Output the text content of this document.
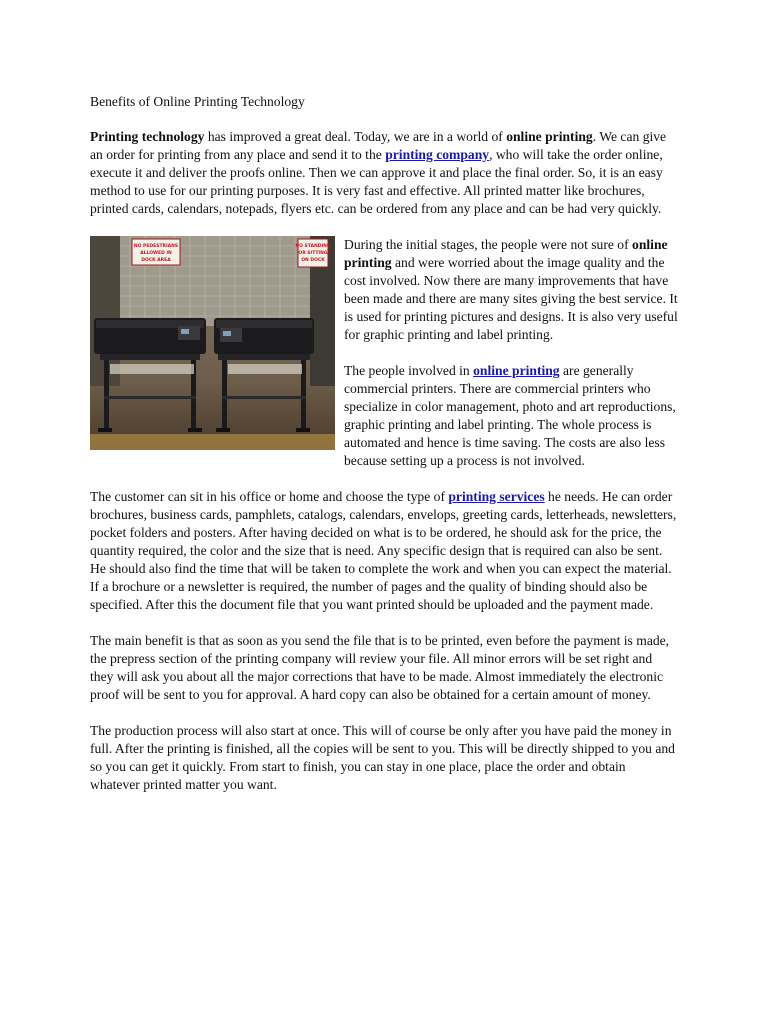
Benefits of Online Printing Technology

Printing technology has improved a great deal. Today, we are in a world of online printing. We can give an order for printing from any place and send it to the printing company, who will take the order online, execute it and deliver the proofs online. Then we can approve it and place the final order. So, it is an easy method to use for our printing purposes. It is very fast and effective. All printed matter like brochures, printed cards, calendars, notepads, flyers etc. can be ordered from any place and can be had very quickly.

NO PEDESTRIANS
ALLOWED IN
DOCK AREA
NO STANDING
OR SITTING
ON DOCK

During the initial stages, the people were not sure of online printing and were worried about the image quality and the cost involved. Now there are many improvements that have been made and there are many sites giving the best service. It is used for printing pictures and designs. It is also very useful for graphic printing and label printing.

The people involved in online printing are generally commercial printers. There are commercial printers who specialize in color management, photo and art reproductions, graphic printing and label printing. The whole process is automated and hence is time saving. The costs are also less because setting up a process is not involved.

The customer can sit in his office or home and choose the type of printing services he needs. He can order brochures, business cards, pamphlets, catalogs, calendars, envelops, greeting cards, letterheads, newsletters, pocket folders and posters. After having decided on what is to be ordered, he should ask for the price, the quantity required, the color and the size that is need. Any specific design that is required can also be sent. He should also find the time that will be taken to complete the work and when you can expect the material. If a brochure or a newsletter is required, the number of pages and the quality of binding should also be specified. After this the document file that you want printed should be uploaded and the payment made.

The main benefit is that as soon as you send the file that is to be printed, even before the payment is made, the prepress section of the printing company will review your file. All minor errors will be set right and they will ask you about all the major corrections that have to be made. Almost immediately the electronic proof will be sent to you for approval. A hard copy can also be obtained for a certain amount of money.

The production process will also start at once. This will of course be only after you have paid the money in full. After the printing is finished, all the copies will be sent to you. This will be directly shipped to you and so you can get it quickly. From start to finish, you can stay in one place, place the order and obtain whatever printed matter you want.
